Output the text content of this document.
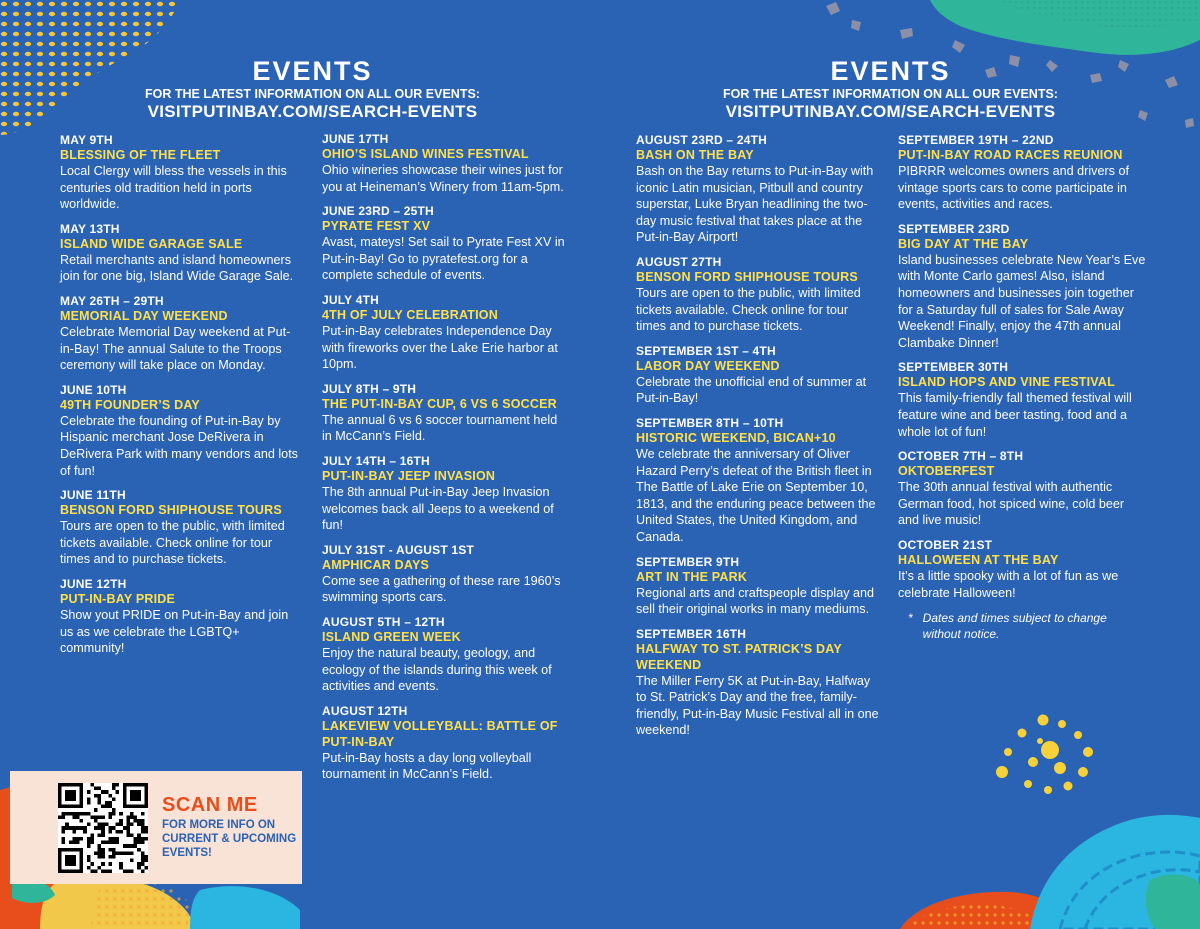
EVENTS
FOR THE LATEST INFORMATION ON ALL OUR EVENTS:
VISITPUTINBAY.COM/SEARCH-EVENTS
EVENTS
FOR THE LATEST INFORMATION ON ALL OUR EVENTS:
VISITPUTINBAY.COM/SEARCH-EVENTS
MAY 9TH
BLESSING OF THE FLEET
Local Clergy will bless the vessels in this centuries old tradition held in ports worldwide.
MAY 13TH
ISLAND WIDE GARAGE SALE
Retail merchants and island homeowners join for one big, Island Wide Garage Sale.
MAY 26TH – 29TH
MEMORIAL DAY WEEKEND
Celebrate Memorial Day weekend at Put-in-Bay! The annual Salute to the Troops ceremony will take place on Monday.
JUNE 10TH
49TH FOUNDER’S DAY
Celebrate the founding of Put-in-Bay by Hispanic merchant Jose DeRivera in DeRivera Park with many vendors and lots of fun!
JUNE 11TH
BENSON FORD SHIPHOUSE TOURS
Tours are open to the public, with limited tickets available. Check online for tour times and to purchase tickets.
JUNE 12TH
PUT-IN-BAY PRIDE
Show yout PRIDE on Put-in-Bay and join us as we celebrate the LGBTQ+ community!
JUNE 17TH
OHIO’S ISLAND WINES FESTIVAL
Ohio wineries showcase their wines just for you at Heineman’s Winery from 11am-5pm.
JUNE 23RD – 25TH
PYRATE FEST XV
Avast, mateys! Set sail to Pyrate Fest XV in Put-in-Bay! Go to pyratefest.org for a complete schedule of events.
JULY 4TH
4TH OF JULY CELEBRATION
Put-in-Bay celebrates Independence Day with fireworks over the Lake Erie harbor at 10pm.
JULY 8TH – 9TH
THE PUT-IN-BAY CUP, 6 VS 6 SOCCER
The annual 6 vs 6 soccer tournament held in McCann’s Field.
JULY 14TH – 16TH
PUT-IN-BAY JEEP INVASION
The 8th annual Put-in-Bay Jeep Invasion welcomes back all Jeeps to a weekend of fun!
JULY 31ST - AUGUST 1ST
AMPHICAR DAYS
Come see a gathering of these rare 1960’s swimming sports cars.
AUGUST 5TH – 12TH
ISLAND GREEN WEEK
Enjoy the natural beauty, geology, and ecology of the islands during this week of activities and events.
AUGUST 12TH
LAKEVIEW VOLLEYBALL: BATTLE OF PUT-IN-BAY
Put-in-Bay hosts a day long volleyball tournament in McCann’s Field.
AUGUST 23RD – 24TH
BASH ON THE BAY
Bash on the Bay returns to Put-in-Bay with iconic Latin musician, Pitbull and country superstar, Luke Bryan headlining the two-day music festival that takes place at the Put-in-Bay Airport!
AUGUST 27TH
BENSON FORD SHIPHOUSE TOURS
Tours are open to the public, with limited tickets available. Check online for tour times and to purchase tickets.
SEPTEMBER 1ST – 4TH
LABOR DAY WEEKEND
Celebrate the unofficial end of summer at Put-in-Bay!
SEPTEMBER 8TH – 10TH
HISTORIC WEEKEND, BICAN+10
We celebrate the anniversary of Oliver Hazard Perry’s defeat of the British fleet in The Battle of Lake Erie on September 10, 1813, and the enduring peace between the United States, the United Kingdom, and Canada.
SEPTEMBER 9TH
ART IN THE PARK
Regional arts and craftspeople display and sell their original works in many mediums.
SEPTEMBER 16TH
HALFWAY TO ST. PATRICK’S DAY WEEKEND
The Miller Ferry 5K at Put-in-Bay, Halfway to St. Patrick’s Day and the free, family-friendly, Put-in-Bay Music Festival all in one weekend!
SEPTEMBER 19TH – 22ND
PUT-IN-BAY ROAD RACES REUNION
PIBRRR welcomes owners and drivers of vintage sports cars to come participate in events, activities and races.
SEPTEMBER 23RD
BIG DAY AT THE BAY
Island businesses celebrate New Year’s Eve with Monte Carlo games! Also, island homeowners and businesses join together for a Saturday full of sales for Sale Away Weekend! Finally, enjoy the 47th annual Clambake Dinner!
SEPTEMBER 30TH
ISLAND HOPS AND VINE FESTIVAL
This family-friendly fall themed festival will feature wine and beer tasting, food and a whole lot of fun!
OCTOBER 7TH – 8TH
OKTOBERFEST
The 30th annual festival with authentic German food, hot spiced wine, cold beer and live music!
OCTOBER 21ST
HALLOWEEN AT THE BAY
It’s a little spooky with a lot of fun as we celebrate Halloween!
* Dates and times subject to change without notice.
SCAN ME
FOR MORE INFO ON CURRENT & UPCOMING EVENTS!
